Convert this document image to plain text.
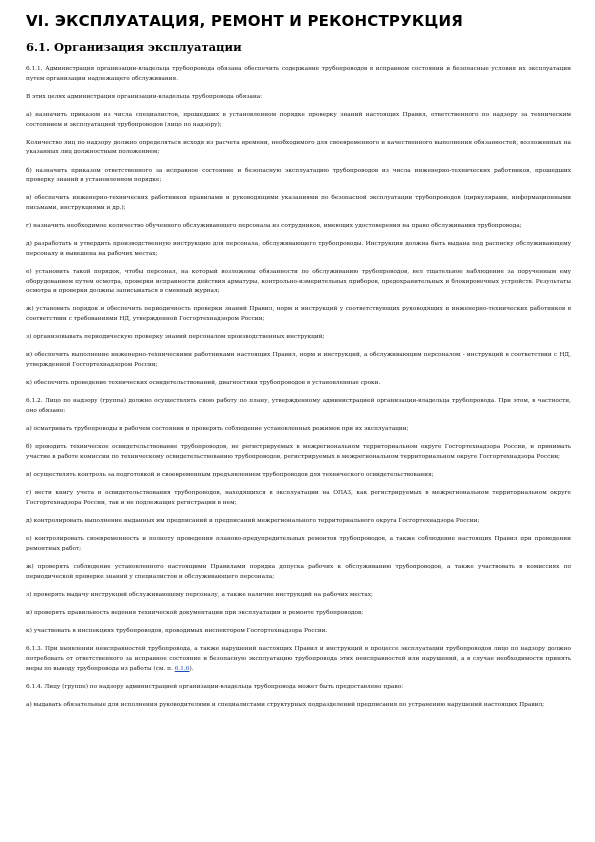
VI. ЭКСПЛУАТАЦИЯ, РЕМОНТ И РЕКОНСТРУКЦИЯ
6.1. Организация эксплуатации

6.1.1. Администрация организации-владельца трубопровода обязана обеспечить содержание трубопроводов в исправном состоянии и безопасные условия их эксплуатации путем организации надлежащего обслуживания.

В этих целях администрация организации-владельца трубопровода обязана:

а) назначить приказом из числа специалистов, прошедших в установленном порядке проверку знаний настоящих Правил, ответственного по надзору за техническим состоянием и эксплуатацией трубопроводов (лицо по надзору);

Количество лиц по надзору должно определяться исходя из расчета времени, необходимого для своевременного и качественного выполнения обязанностей, возложенных на указанных лиц должностным положением;

б) назначить приказом ответственного за исправное состояние и безопасную эксплуатацию трубопроводов из числа инженерно-технических работников, прошедших проверку знаний в установленном порядке;

в) обеспечить инженерно-технических работников правилами и руководящими указаниями по безопасной эксплуатации трубопроводов (циркулярами, информационными письмами, инструкциями и др.);

г) назначить необходимое количество обученного обслуживающего персонала из сотрудников, имеющих удостоверения на право обслуживания трубопровода;

д) разработать и утвердить производственную инструкцию для персонала, обслуживающего трубопроводы. Инструкция должна быть выдана под расписку обслуживающему персоналу и вывешена на рабочих местах;

е) установить такой порядок, чтобы персонал, на который возложены обязанности по обслуживанию трубопроводов, вел тщательное наблюдение за порученным ему оборудованием путем осмотра, проверки исправности действия арматуры, контрольно-измерительных приборов, предохранительных и блокировочных устройств. Результаты осмотра и проверки должны записываться в сменный журнал;

ж) установить порядок и обеспечить периодичность проверки знаний Правил, норм и инструкций у соответствующих руководящих и инженерно-технических работников в соответствии с требованиями НД, утвержденной Госгортехнадзором России;

з) организовывать периодическую проверку знаний персоналом производственных инструкций;

и) обеспечить выполнение инженерно-техническими работниками настоящих Правил, норм и инструкций, а обслуживающим персоналом - инструкций в соответствии с НД, утвержденной Госгортехнадзором России;

к) обеспечить проведение технических освидетельствований, диагностики трубопроводов в установленные сроки.

6.1.2. Лицо по надзору (группа) должно осуществлять свою работу по плану, утвержденному администрацией организации-владельца трубопровода. При этом, в частности, оно обязано:

а) осматривать трубопроводы в рабочем состоянии и проверять соблюдение установленных режимов при их эксплуатации;

б) проводить техническое освидетельствование трубопроводов, не регистрируемых в межрегиональном территориальном округе Госгортехнадзора России, и принимать участие в работе комиссии по техническому освидетельствованию трубопроводов, регистрируемых в межрегиональном территориальном округе Госгортехнадзора России;

в) осуществлять контроль за подготовкой и своевременным предъявлением трубопроводов для технического освидетельствования;

г) вести книгу учета и освидетельствования трубопроводов, находящихся в эксплуатации на ОПАЗ, как регистрируемых в межрегиональном территориальном округе Госгортехнадзора России, так и не подлежащих регистрации в нем;

д) контролировать выполнение выданных им предписаний и предписаний межрегионального территориального округа Госгортехнадзора России;

е) контролировать своевременность и полноту проведения планово-предупредительных ремонтов трубопроводов, а также соблюдение настоящих Правил при проведении ремонтных работ;

ж) проверять соблюдение установленного настоящими Правилами порядка допуска рабочих к обслуживанию трубопроводов, а также участвовать в комиссиях по периодической проверке знаний у специалистов и обслуживающего персонала;

з) проверять выдачу инструкций обслуживающему персоналу, а также наличие инструкций на рабочих местах;

и) проверять правильность ведения технической документации при эксплуатации и ремонте трубопроводов;

к) участвовать в инспекциях трубопроводов, проводимых инспектором Госгортехнадзора России.

6.1.3. При выявлении неисправностей трубопровода, а также нарушений настоящих Правил и инструкций в процессе эксплуатации трубопроводов лицо по надзору должно потребовать от ответственного за исправное состояние и безопасную эксплуатацию трубопровода этих неисправностей или нарушений, а в случае необходимости принять меры по выводу трубопровода из работы (см. п. 6.1.6).

6.1.4. Лицу (группе) по надзору администрацией организации-владельца трубопровода может быть предоставлено право:

а) выдавать обязательные для исполнения руководителями и специалистами структурных подразделений предписания по устранению нарушений настоящих Правил;
